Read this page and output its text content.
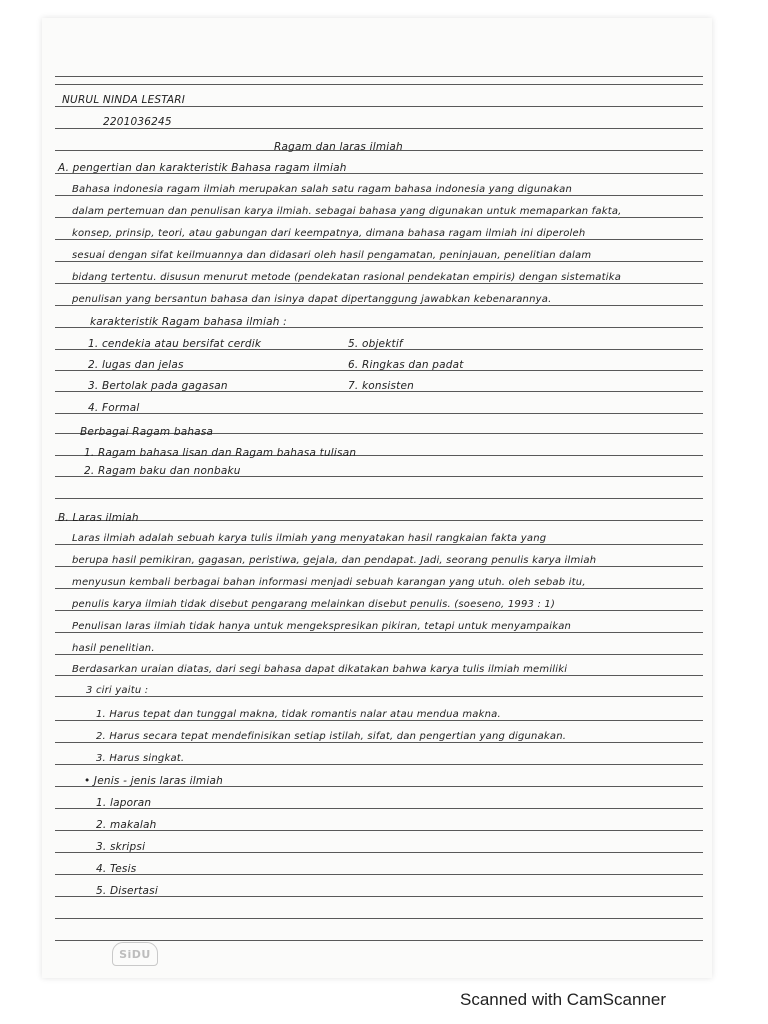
NURUL NINDA LESTARI
2201036245
Ragam dan laras ilmiah
A. pengertian dan karakteristik Bahasa ragam ilmiah
Bahasa indonesia ragam ilmiah merupakan salah satu ragam bahasa indonesia yang digunakan
dalam pertemuan dan penulisan karya ilmiah. sebagai bahasa yang digunakan untuk memaparkan fakta,
konsep, prinsip, teori, atau gabungan dari keempatnya, dimana bahasa ragam ilmiah ini diperoleh
sesuai dengan sifat keilmuannya dan didasari oleh hasil pengamatan, peninjauan, penelitian dalam
bidang tertentu. disusun menurut metode (pendekatan rasional pendekatan empiris) dengan sistematika
penulisan yang bersantun bahasa dan isinya dapat dipertanggung jawabkan kebenarannya.
karakteristik Ragam bahasa ilmiah :
1. cendekia atau bersifat cerdik
2. lugas dan jelas
3. Bertolak pada gagasan
4. Formal
5. objektif
6. Ringkas dan padat
7. konsisten
Berbagai Ragam bahasa
1. Ragam bahasa lisan dan Ragam bahasa tulisan
2. Ragam baku dan nonbaku
B. Laras ilmiah
Laras ilmiah adalah sebuah karya tulis ilmiah yang menyatakan hasil rangkaian fakta yang
berupa hasil pemikiran, gagasan, peristiwa, gejala, dan pendapat. Jadi, seorang penulis karya ilmiah
menyusun kembali berbagai bahan informasi menjadi sebuah karangan yang utuh. oleh sebab itu,
penulis karya ilmiah tidak disebut pengarang melainkan disebut penulis. (soeseno, 1993 : 1)
Penulisan laras ilmiah tidak hanya untuk mengekspresikan pikiran, tetapi untuk menyampaikan
hasil penelitian.
Berdasarkan uraian diatas, dari segi bahasa dapat dikatakan bahwa karya tulis ilmiah memiliki
3 ciri yaitu :
1. Harus tepat dan tunggal makna, tidak romantis nalar atau mendua makna.
2. Harus secara tepat mendefinisikan setiap istilah, sifat, dan pengertian yang digunakan.
3. Harus singkat.
• Jenis - jenis laras ilmiah
1. laporan
2. makalah
3. skripsi
4. Tesis
5. Disertasi
SiDU
Scanned with CamScanner
